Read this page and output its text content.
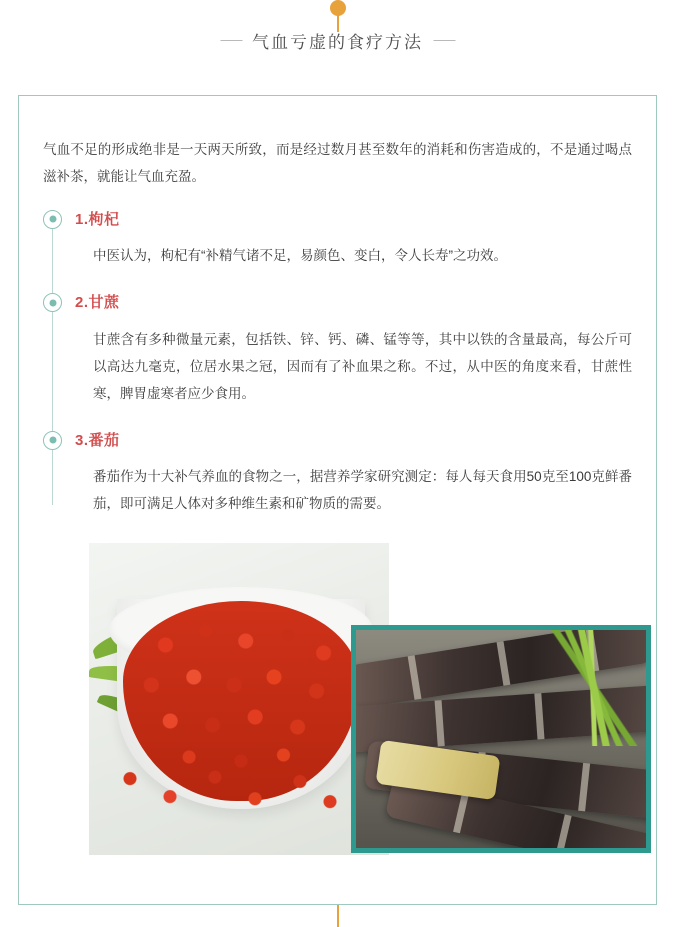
气血亏虚的食疗方法

气血不足的形成绝非是一天两天所致，而是经过数月甚至数年的消耗和伤害造成的，不是通过喝点滋补茶，就能让气血充盈。

1.枸杞

中医认为，枸杞有“补精气诸不足，易颜色、变白，令人长寿”之功效。

2.甘蔗

甘蔗含有多种微量元素，包括铁、锌、钙、磷、锰等等，其中以铁的含量最高，每公斤可以高达九毫克，位居水果之冠，因而有了补血果之称。不过，从中医的角度来看，甘蔗性寒，脾胃虚寒者应少食用。

3.番茄

番茄作为十大补气养血的食物之一，据营养学家研究测定：每人每天食用50克至100克鲜番茄，即可满足人体对多种维生素和矿物质的需要。
